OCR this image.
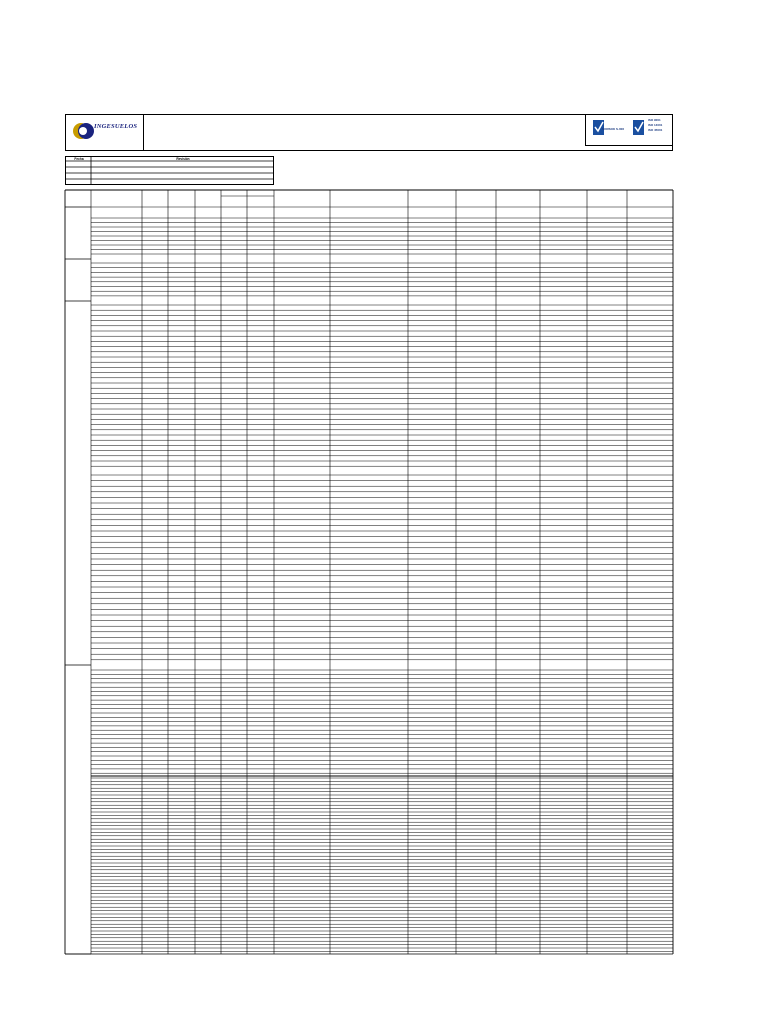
INGESUELOS	NORSOK S-006
ISO 9001
ISO 14001
ISO 45001
Fecha	Revisión
